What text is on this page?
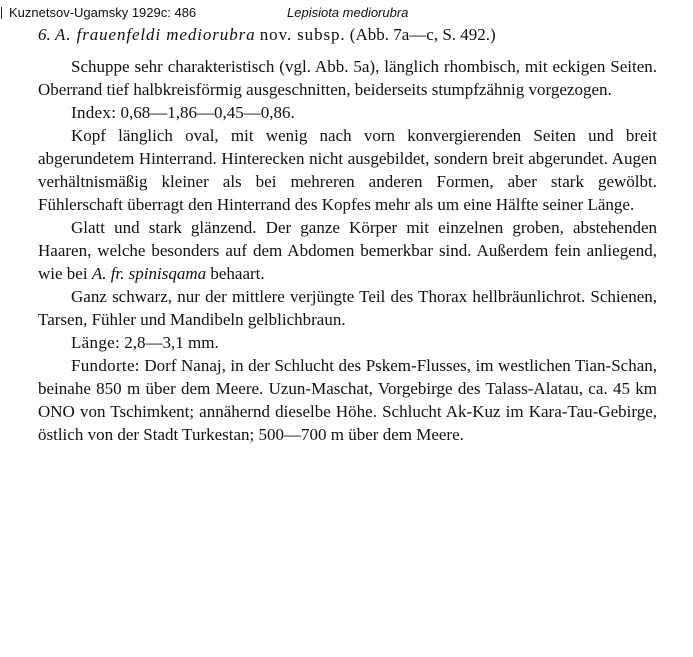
Kuznetsov-Ugamsky 1929c: 486	Lepisiota mediorubra
6. A. frauenfeldi mediorubra nov. subsp. (Abb. 7a—c, S. 492.)

Schuppe sehr charakteristisch (vgl. Abb. 5a), länglich rhombisch, mit eckigen Seiten. Oberrand tief halbkreisförmig ausgeschnitten, beiderseits stumpfzähnig vorgezogen.

Index: 0,68—1,86—0,45—0,86.

Kopf länglich oval, mit wenig nach vorn konvergierenden Seiten und breit abgerundetem Hinterrand. Hinterecken nicht ausgebildet, sondern breit abgerundet. Augen verhältnismäßig kleiner als bei mehreren anderen Formen, aber stark gewölbt. Fühlerschaft überragt den Hinterrand des Kopfes mehr als um eine Hälfte seiner Länge.

Glatt und stark glänzend. Der ganze Körper mit einzelnen groben, abstehenden Haaren, welche besonders auf dem Abdomen bemerkbar sind. Außerdem fein anliegend, wie bei A. fr. spinisqama behaart.

Ganz schwarz, nur der mittlere verjüngte Teil des Thorax hellbräunlichrot. Schienen, Tarsen, Fühler und Mandibeln gelblichbraun.

Länge: 2,8—3,1 mm.

Fundorte: Dorf Nanaj, in der Schlucht des Pskem-Flusses, im westlichen Tian-Schan, beinahe 850 m über dem Meere. Uzun-Maschat, Vorgebirge des Talass-Alatau, ca. 45 km ONO von Tschimkent; annähernd dieselbe Höhe. Schlucht Ak-Kuz im Kara-Tau-Gebirge, östlich von der Stadt Turkestan; 500—700 m über dem Meere.
